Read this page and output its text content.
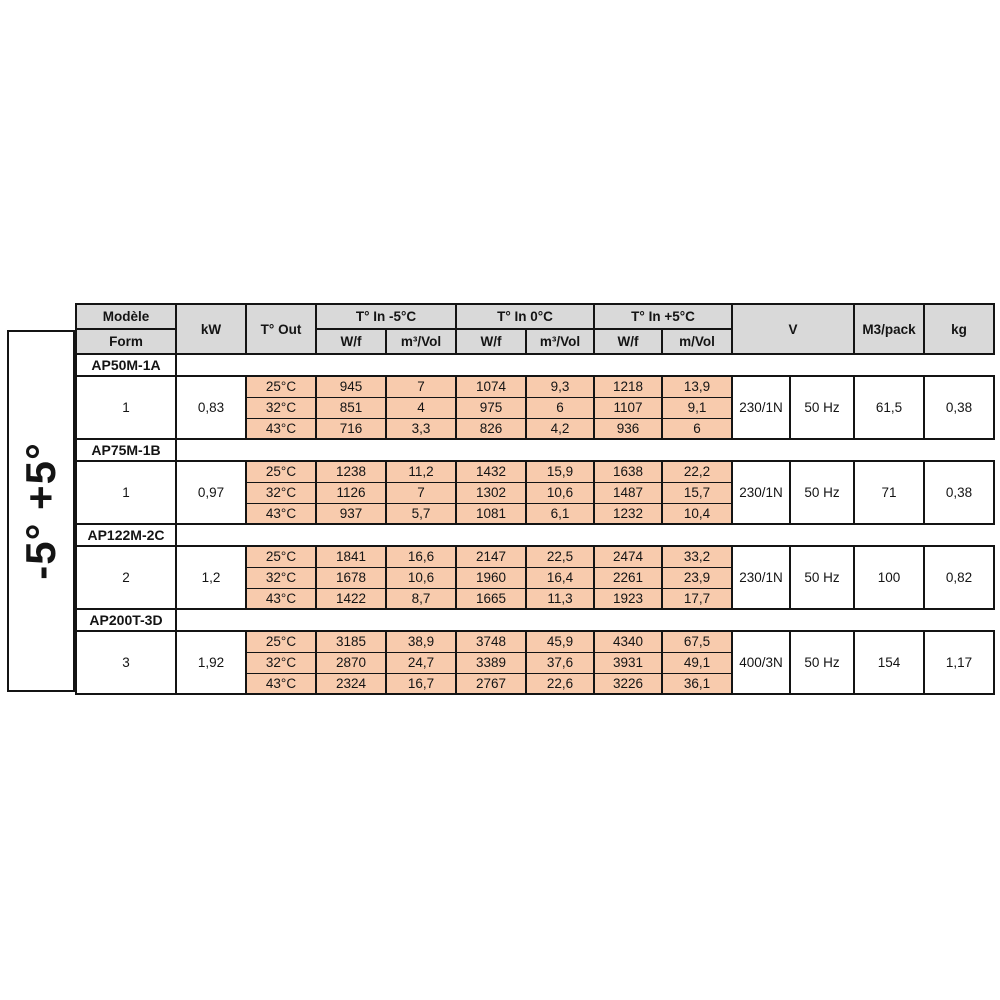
-5° +5°
Modèle	kW	T° Out	T° In -5°C		T° In 0°C		T° In +5°C		V		M3/pack	kg
Form			W/f	m³/Vol	W/f	m³/Vol	W/f	m/Vol				
AP50M-1A												
1	0,83	25°C	945	7	1074	9,3	1218	13,9	230/1N	50 Hz	61,5	0,38
		32°C	851	4	975	6	1107	9,1				
		43°C	716	3,3	826	4,2	936	6				
AP75M-1B												
1	0,97	25°C	1238	11,2	1432	15,9	1638	22,2	230/1N	50 Hz	71	0,38
		32°C	1126	7	1302	10,6	1487	15,7				
		43°C	937	5,7	1081	6,1	1232	10,4				
AP122M-2C												
2	1,2	25°C	1841	16,6	2147	22,5	2474	33,2	230/1N	50 Hz	100	0,82
		32°C	1678	10,6	1960	16,4	2261	23,9				
		43°C	1422	8,7	1665	11,3	1923	17,7				
AP200T-3D												
3	1,92	25°C	3185	38,9	3748	45,9	4340	67,5	400/3N	50 Hz	154	1,17
		32°C	2870	24,7	3389	37,6	3931	49,1				
		43°C	2324	16,7	2767	22,6	3226	36,1				
